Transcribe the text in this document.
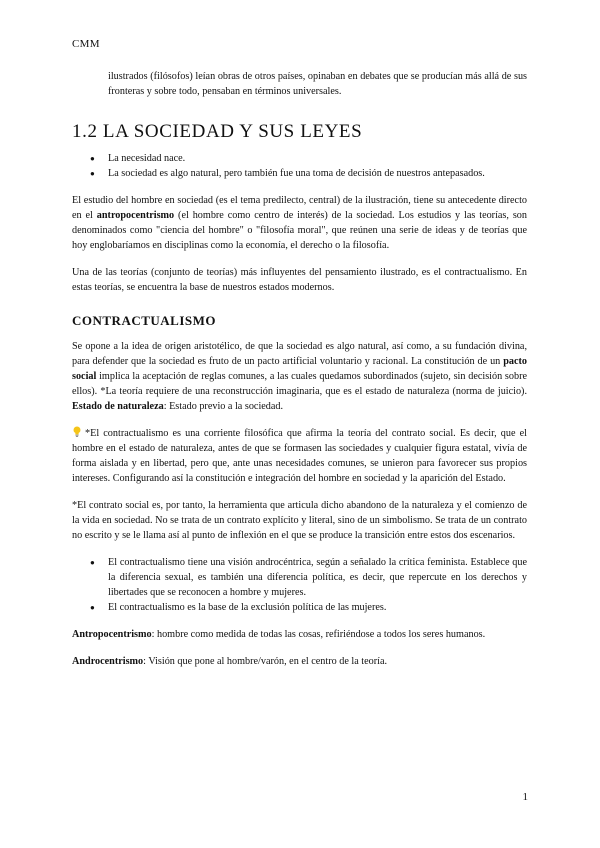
CMM

ilustrados (filósofos) leían obras de otros países, opinaban en debates que se producían más allá de sus fronteras y sobre todo, pensaban en términos universales.

1.2 LA SOCIEDAD Y SUS LEYES
● La necesidad nace.
● La sociedad es algo natural, pero también fue una toma de decisión de nuestros antepasados.

El estudio del hombre en sociedad (es el tema predilecto, central) de la ilustración, tiene su antecedente directo en el antropocentrismo (el hombre como centro de interés) de la sociedad. Los estudios y las teorías, son denominados como "ciencia del hombre" o "filosofía moral", que reúnen una serie de ideas y de teorías que hoy englobaríamos en disciplinas como la economía, el derecho o la filosofía.

Una de las teorías (conjunto de teorías) más influyentes del pensamiento ilustrado, es el contractualismo. En estas teorías, se encuentra la base de nuestros estados modernos.

CONTRACTUALISMO

Se opone a la idea de origen aristotélico, de que la sociedad es algo natural, así como, a su fundación divina, para defender que la sociedad es fruto de un pacto artificial voluntario y racional. La constitución de un pacto social implica la aceptación de reglas comunes, a las cuales quedamos subordinados (sujeto, sin decisión sobre ellos). *La teoría requiere de una reconstrucción imaginaria, que es el estado de naturaleza (norma de juicio). Estado de naturaleza: Estado previo a la sociedad.

*El contractualismo es una corriente filosófica que afirma la teoría del contrato social. Es decir, que el hombre en el estado de naturaleza, antes de que se formasen las sociedades y cualquier figura estatal, vivía de forma aislada y en libertad, pero que, ante unas necesidades comunes, se unieron para favorecer sus propios intereses. Configurando así la constitución e integración del hombre en sociedad y la aparición del Estado.

*El contrato social es, por tanto, la herramienta que articula dicho abandono de la naturaleza y el comienzo de la vida en sociedad. No se trata de un contrato explícito y literal, sino de un simbolismo. Se trata de un contrato no escrito y se le llama así al punto de inflexión en el que se produce la transición entre estos dos escenarios.

● El contractualismo tiene una visión androcéntrica, según a señalado la crítica feminista. Establece que la diferencia sexual, es también una diferencia política, es decir, que repercute en los derechos y libertades que se reconocen a hombre y mujeres.
● El contractualismo es la base de la exclusión política de las mujeres.

Antropocentrismo: hombre como medida de todas las cosas, refiriéndose a todos los seres humanos.

Androcentrismo: Visión que pone al hombre/varón, en el centro de la teoría.

1
